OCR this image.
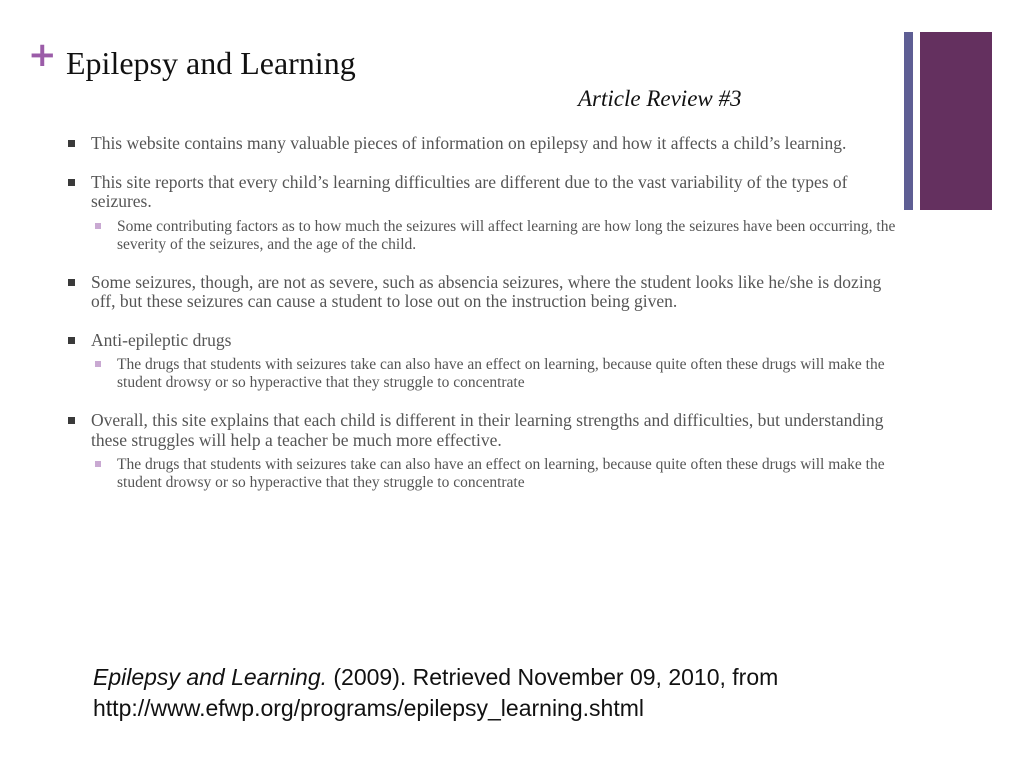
+ Epilepsy and Learning
Article Review #3
This website contains many valuable pieces of information on epilepsy and how it affects a child’s learning.
This site reports that every child’s learning difficulties are different due to the vast variability of the types of seizures.
Some contributing factors as to how much the seizures will affect learning are how long the seizures have been occurring, the severity of the seizures, and the age of the child.
Some seizures, though, are not as severe, such as absencia seizures, where the student looks like he/she is dozing off, but these seizures can cause a student to lose out on the instruction being given.
Anti-epileptic drugs
The drugs that students with seizures take can also have an effect on learning, because quite often these drugs will make the student drowsy or so hyperactive that they struggle to concentrate
Overall, this site explains that each child is different in their learning strengths and difficulties, but understanding these struggles will help a teacher be much more effective.
The drugs that students with seizures take can also have an effect on learning, because quite often these drugs will make the student drowsy or so hyperactive that they struggle to concentrate
Epilepsy and Learning. (2009). Retrieved November 09, 2010, from http://www.efwp.org/programs/epilepsy_learning.shtml
